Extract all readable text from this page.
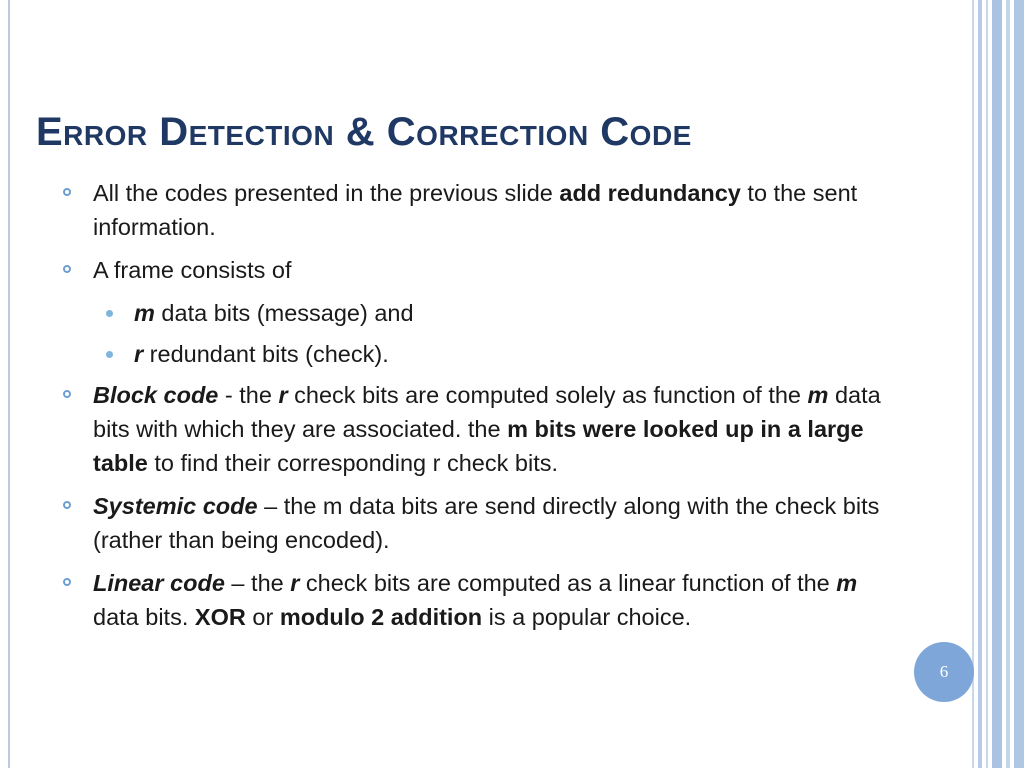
Error Detection & Correction Code
All the codes presented in the previous slide add redundancy to the sent information.
A frame consists of
m data bits (message) and
r redundant bits (check).
Block code - the r check bits are computed solely as function of the m data bits with which they are associated. the m bits were looked up in a large table to find their corresponding r check bits.
Systemic code – the m data bits are send directly along with the check bits (rather than being encoded).
Linear code – the r check bits are computed as a linear function of the m data bits. XOR or modulo 2 addition is a popular choice.
6
